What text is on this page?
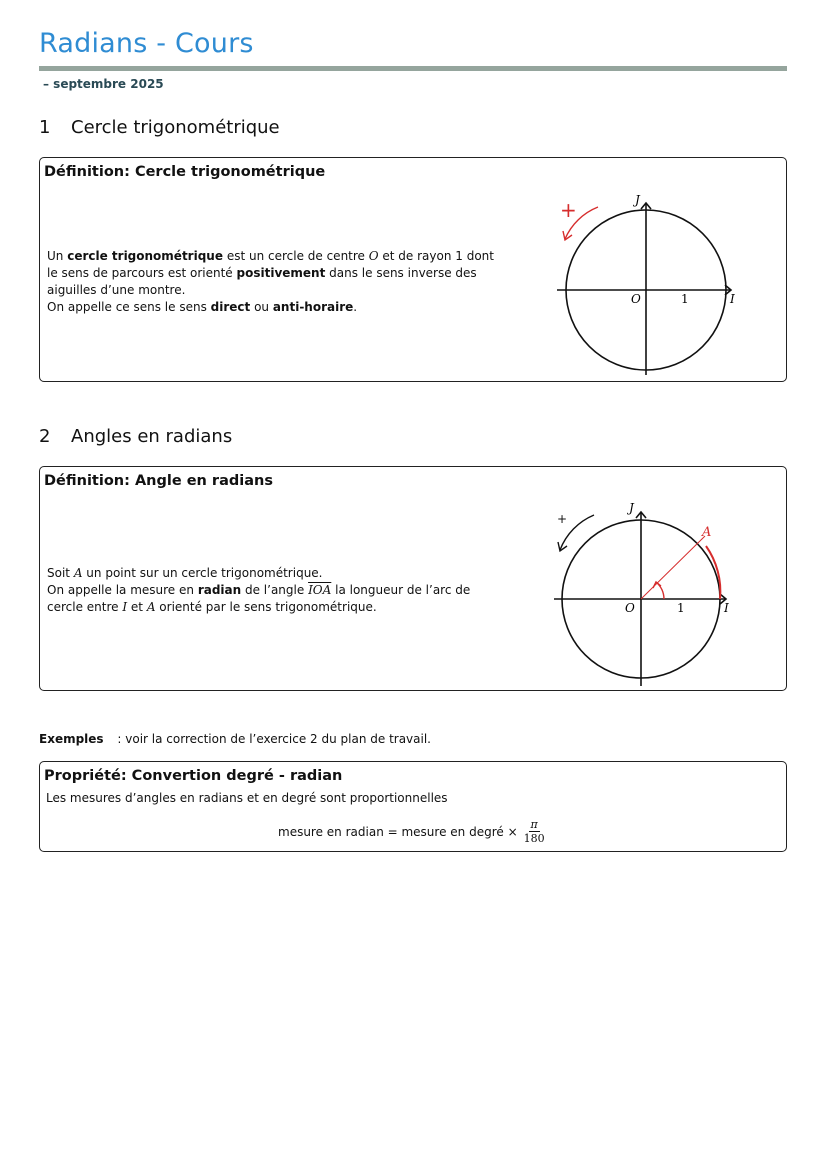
Radians - Cours
– septembre 2025
1 Cercle trigonométrique
Définition: Cercle trigonométrique
Un cercle trigonométrique est un cercle de centre O et de rayon 1 dont
le sens de parcours est orienté positivement dans le sens inverse des
aiguilles d’une montre.
On appelle ce sens le sens direct ou anti-horaire.
+	J
O	1	I
2 Angles en radians
Définition: Angle en radians
Soit A un point sur un cercle trigonométrique.
On appelle la mesure en radian de l’angle $\overline{IOA}$ la longueur de l’arc de
cercle entre I et A orienté par le sens trigonométrique.
+
A
J
O	1	I
Exemples : voir la correction de l’exercice 2 du plan de travail.
Propriété: Convertion degré - radian
Les mesures d’angles en radians et en degré sont proportionnelles
mesure en radian = mesure en degré × $\frac{\pi}{180}$
